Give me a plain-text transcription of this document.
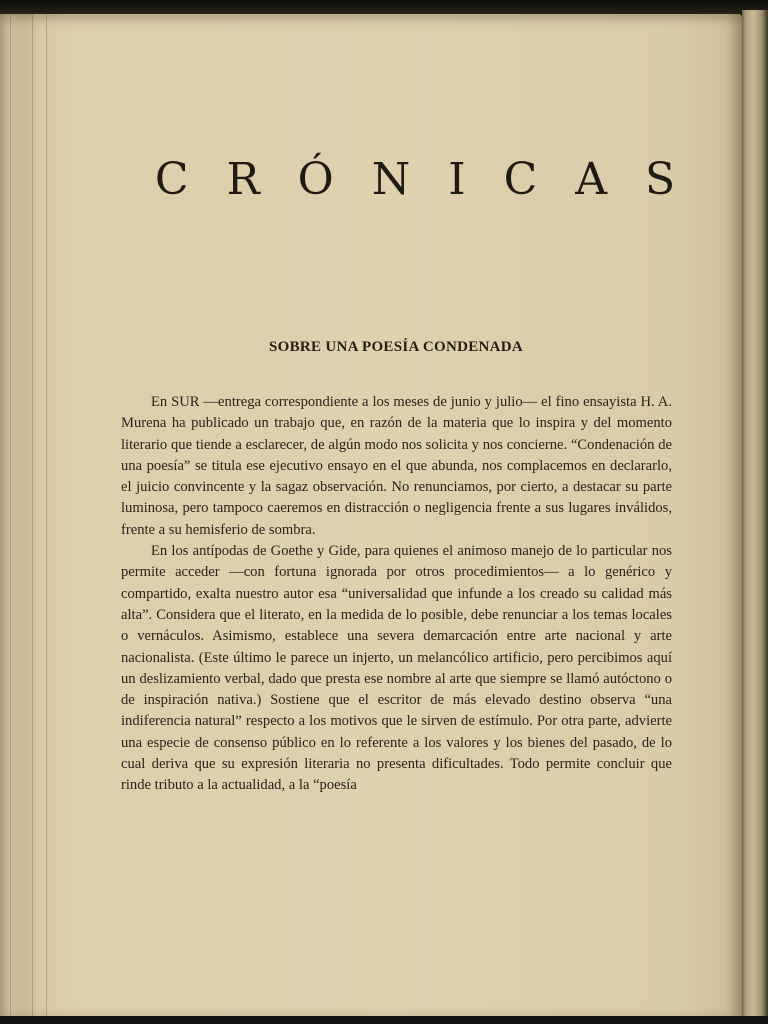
CRÓNICAS
SOBRE UNA POESÍA CONDENADA

En SUR —entrega correspondiente a los meses de junio y julio— el fino ensayista H. A. Murena ha publicado un trabajo que, en razón de la materia que lo inspira y del momento literario que tiende a esclarecer, de algún modo nos solicita y nos concierne. “Condenación de una poesía” se titula ese ejecutivo ensayo en el que abunda, nos complacemos en declararlo, el juicio convincente y la sagaz observación. No renunciamos, por cierto, a destacar su parte luminosa, pero tampoco caeremos en distracción o negligencia frente a sus lugares inválidos, frente a su hemisferio de sombra.

En los antípodas de Goethe y Gide, para quienes el animoso manejo de lo particular nos permite acceder —con fortuna ignorada por otros procedimientos— a lo genérico y compartido, exalta nuestro autor esa “universalidad que infunde a los creado su calidad más alta”. Considera que el literato, en la medida de lo posible, debe renunciar a los temas locales o vernáculos. Asimismo, establece una severa demarcación entre arte nacional y arte nacionalista. (Este último le parece un injerto, un melancólico artificio, pero percibimos aquí un deslizamiento verbal, dado que presta ese nombre al arte que siempre se llamó autóctono o de inspiración nativa.) Sostiene que el escritor de más elevado destino observa “una indiferencia natural” respecto a los motivos que le sirven de estímulo. Por otra parte, advierte una especie de consenso público en lo referente a los valores y los bienes del pasado, de lo cual deriva que su expresión literaria no presenta dificultades. Todo permite concluir que rinde tributo a la actualidad, a la “poesía
